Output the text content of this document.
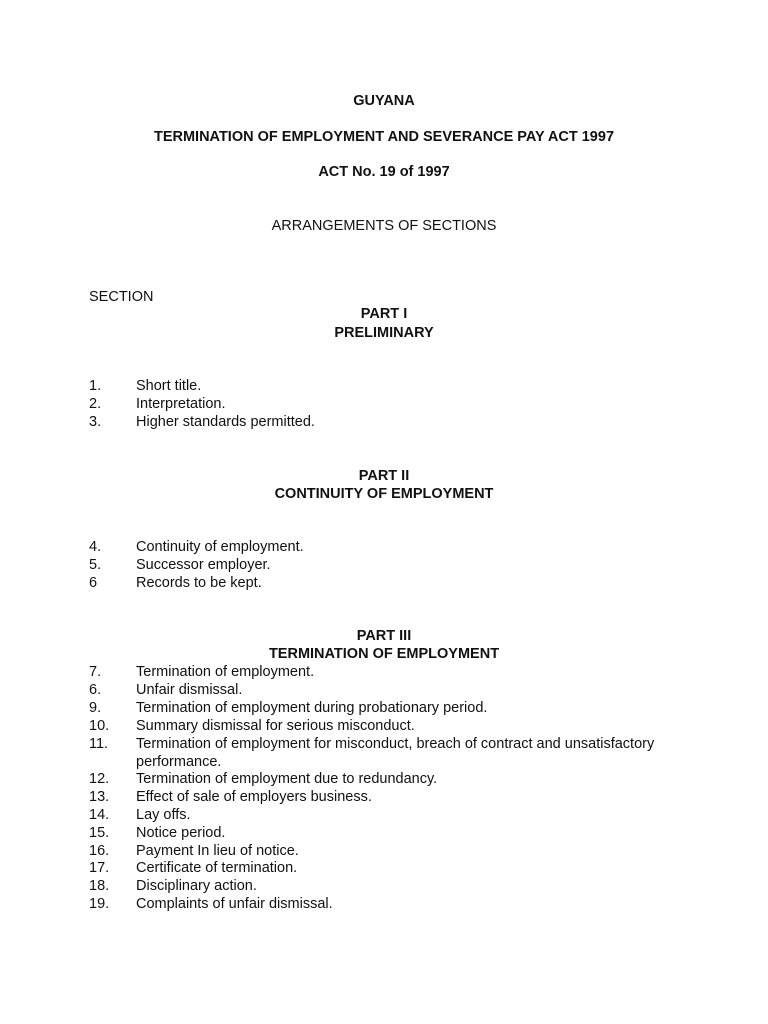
GUYANA
TERMINATION OF EMPLOYMENT AND SEVERANCE PAY ACT 1997
ACT No. 19 of 1997
ARRANGEMENTS OF SECTIONS
SECTION
PART I
PRELIMINARY
1. Short title.
2. Interpretation.
3. Higher standards permitted.
PART II
CONTINUITY OF EMPLOYMENT
4. Continuity of employment.
5. Successor employer.
6	Records to be kept.
PART III
TERMINATION OF EMPLOYMENT
7. Termination of employment.
6. Unfair dismissal.
9. Termination of employment during probationary period.
10. Summary dismissal for serious misconduct.
11. Termination of employment for misconduct, breach of contract and unsatisfactory
performance.
12. Termination of employment due to redundancy.
13. Effect of sale of employers business.
14. Lay offs.
15. Notice period.
16. Payment In lieu of notice.
17. Certificate of termination.
18. Disciplinary action.
19. Complaints of unfair dismissal.
